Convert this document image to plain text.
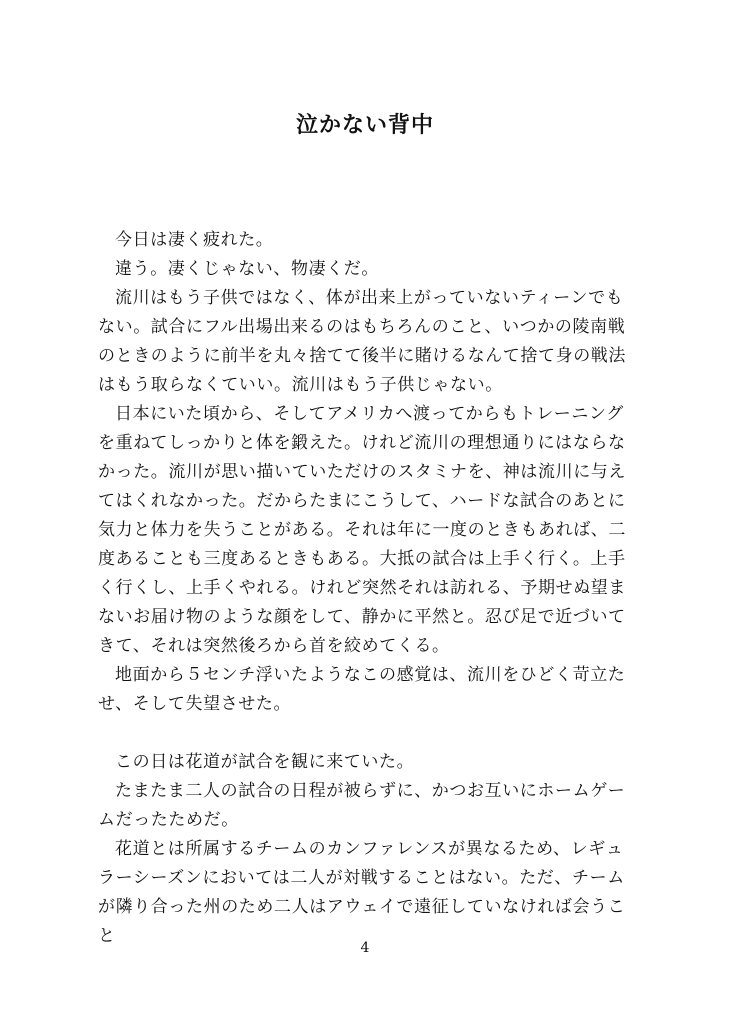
泣かない背中

今日は凄く疲れた。

違う。凄くじゃない、物凄くだ。

流川はもう子供ではなく、体が出来上がっていないティーンでもない。試合にフル出場出来るのはもちろんのこと、いつかの陵南戦のときのように前半を丸々捨てて後半に賭けるなんて捨て身の戦法はもう取らなくていい。流川はもう子供じゃない。

日本にいた頃から、そしてアメリカへ渡ってからもトレーニングを重ねてしっかりと体を鍛えた。けれど流川の理想通りにはならなかった。流川が思い描いていただけのスタミナを、神は流川に与えてはくれなかった。だからたまにこうして、ハードな試合のあとに気力と体力を失うことがある。それは年に一度のときもあれば、二度あることも三度あるときもある。大抵の試合は上手く行く。上手く行くし、上手くやれる。けれど突然それは訪れる、予期せぬ望まないお届け物のような顔をして、静かに平然と。忍び足で近づいてきて、それは突然後ろから首を絞めてくる。

地面から５センチ浮いたようなこの感覚は、流川をひどく苛立たせ、そして失望させた。

この日は花道が試合を観に来ていた。

たまたま二人の試合の日程が被らずに、かつお互いにホームゲームだったためだ。

花道とは所属するチームのカンファレンスが異なるため、レギュラーシーズンにおいては二人が対戦することはない。ただ、チームが隣り合った州のため二人はアウェイで遠征していなければ会うこと

4
